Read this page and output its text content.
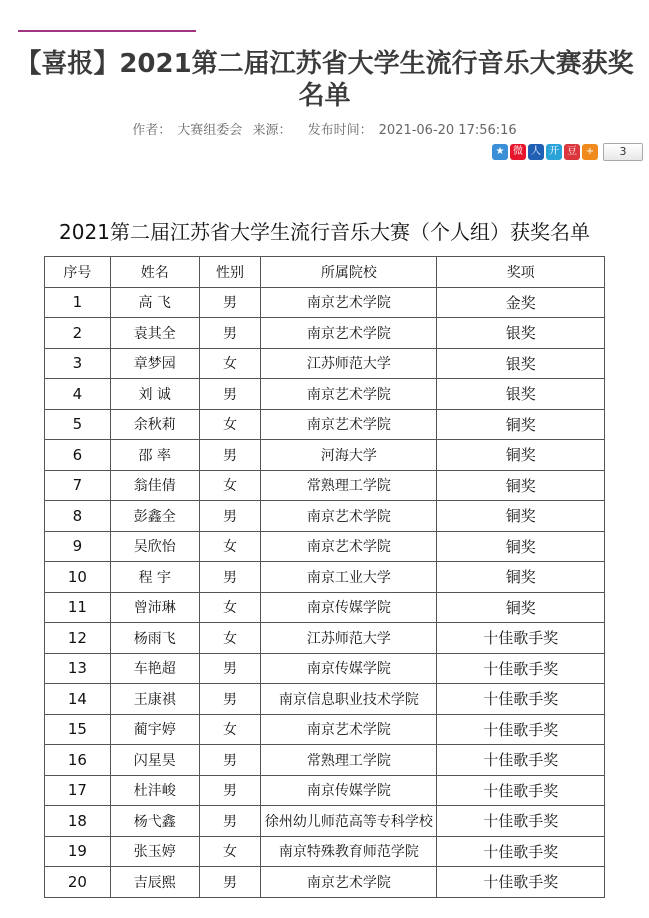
【喜报】2021第二届江苏省大学生流行音乐大赛获奖名单
作者： 大赛组委会 来源： 发布时间： 2021-06-20 17:56:16
★ 微 人 开 豆 +	3
2021第二届江苏省大学生流行音乐大赛（个人组）获奖名单
序号	姓名	性别	所属院校	奖项
1	高 飞	男	南京艺术学院	金奖
2	袁其全	男	南京艺术学院	银奖
3	章梦园	女	江苏师范大学	银奖
4	刘 诚	男	南京艺术学院	银奖
5	余秋莉	女	南京艺术学院	铜奖
6	邵 率	男	河海大学	铜奖
7	翁佳倩	女	常熟理工学院	铜奖
8	彭鑫全	男	南京艺术学院	铜奖
9	吴欣怡	女	南京艺术学院	铜奖
10	程 宇	男	南京工业大学	铜奖
11	曾沛琳	女	南京传媒学院	铜奖
12	杨雨飞	女	江苏师范大学	十佳歌手奖
13	车艳超	男	南京传媒学院	十佳歌手奖
14	王康祺	男	南京信息职业技术学院	十佳歌手奖
15	蔺宇婷	女	南京艺术学院	十佳歌手奖
16	闪星昊	男	常熟理工学院	十佳歌手奖
17	杜沣峻	男	南京传媒学院	十佳歌手奖
18	杨弋鑫	男	徐州幼儿师范高等专科学校	十佳歌手奖
19	张玉婷	女	南京特殊教育师范学院	十佳歌手奖
20	吉辰熙	男	南京艺术学院	十佳歌手奖
